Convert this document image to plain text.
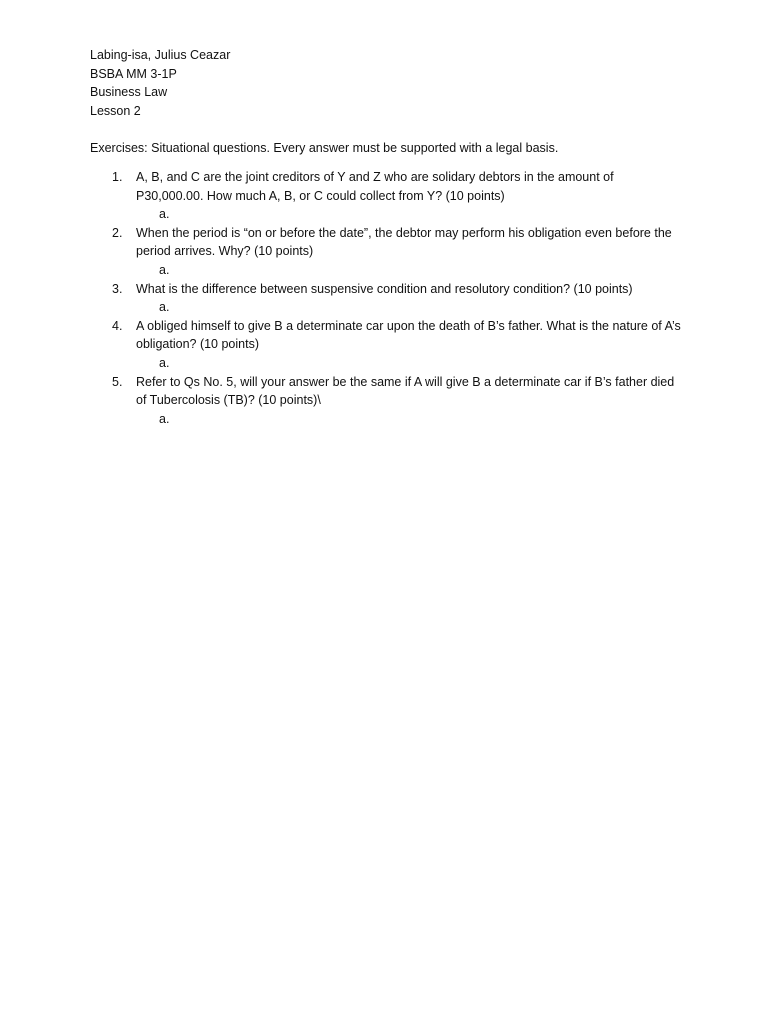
Labing-isa, Julius Ceazar
BSBA MM 3-1P
Business Law
Lesson 2
Exercises: Situational questions. Every answer must be supported with a legal basis.
1. A, B, and C are the joint creditors of Y and Z who are solidary debtors in the amount of P30,000.00. How much A, B, or C could collect from Y? (10 points)
a.
2. When the period is “on or before the date”, the debtor may perform his obligation even before the period arrives. Why? (10 points)
a.
3. What is the difference between suspensive condition and resolutory condition? (10 points)
a.
4. A obliged himself to give B a determinate car upon the death of B’s father. What is the nature of A’s obligation? (10 points)
a.
5. Refer to Qs No. 5, will your answer be the same if A will give B a determinate car if B’s father died of Tubercolosis (TB)? (10 points)\
a.
